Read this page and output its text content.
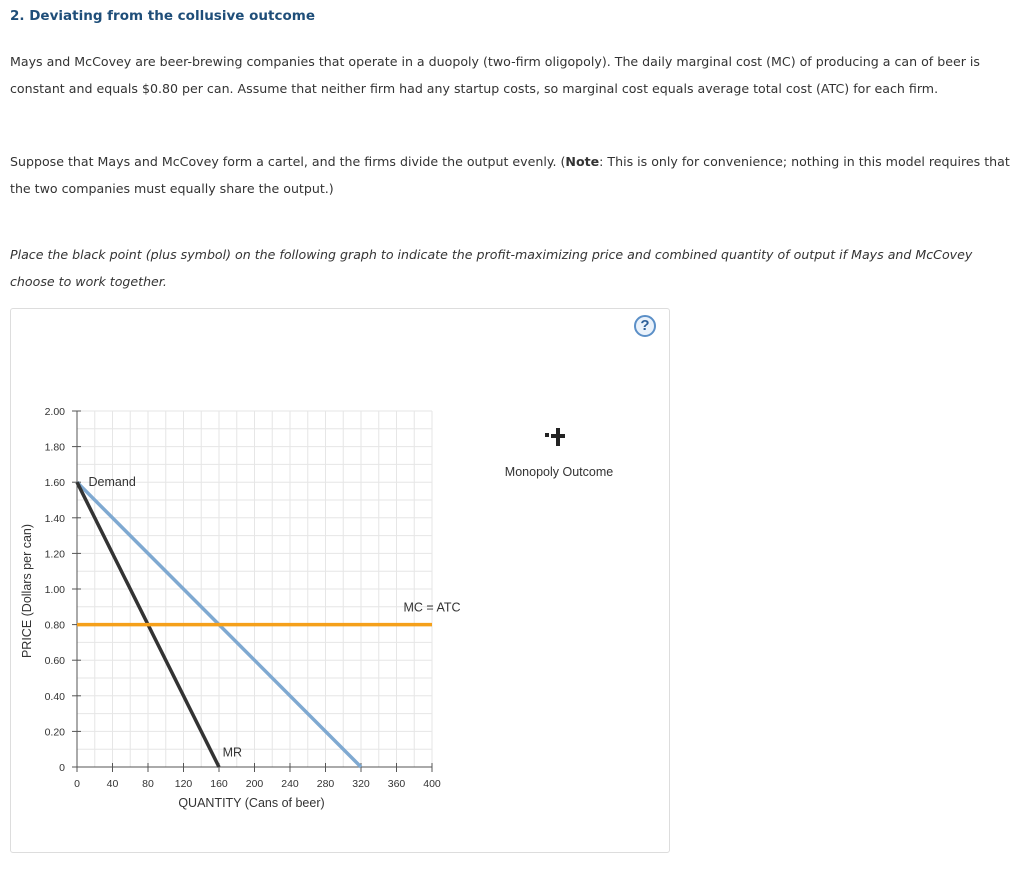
2. Deviating from the collusive outcome

Mays and McCovey are beer-brewing companies that operate in a duopoly (two-firm oligopoly). The daily marginal cost (MC) of producing a can of beer is constant and equals $0.80 per can. Assume that neither firm had any startup costs, so marginal cost equals average total cost (ATC) for each firm.

Suppose that Mays and McCovey form a cartel, and the firms divide the output evenly. (Note: This is only for convenience; nothing in this model requires that the two companies must equally share the output.)

Place the black point (plus symbol) on the following graph to indicate the profit-maximizing price and combined quantity of output if Mays and McCovey choose to work together.

?
0
0.20
0.40
0.60
0.80
1.00
1.20
1.40
1.60
1.80
2.00
0	40 80 120 160 200 240 280 320 360 400
QUANTITY (Cans of beer)
PRICE (Dollars per can)
Demand
MR
MC = ATC
Monopoly Outcome
